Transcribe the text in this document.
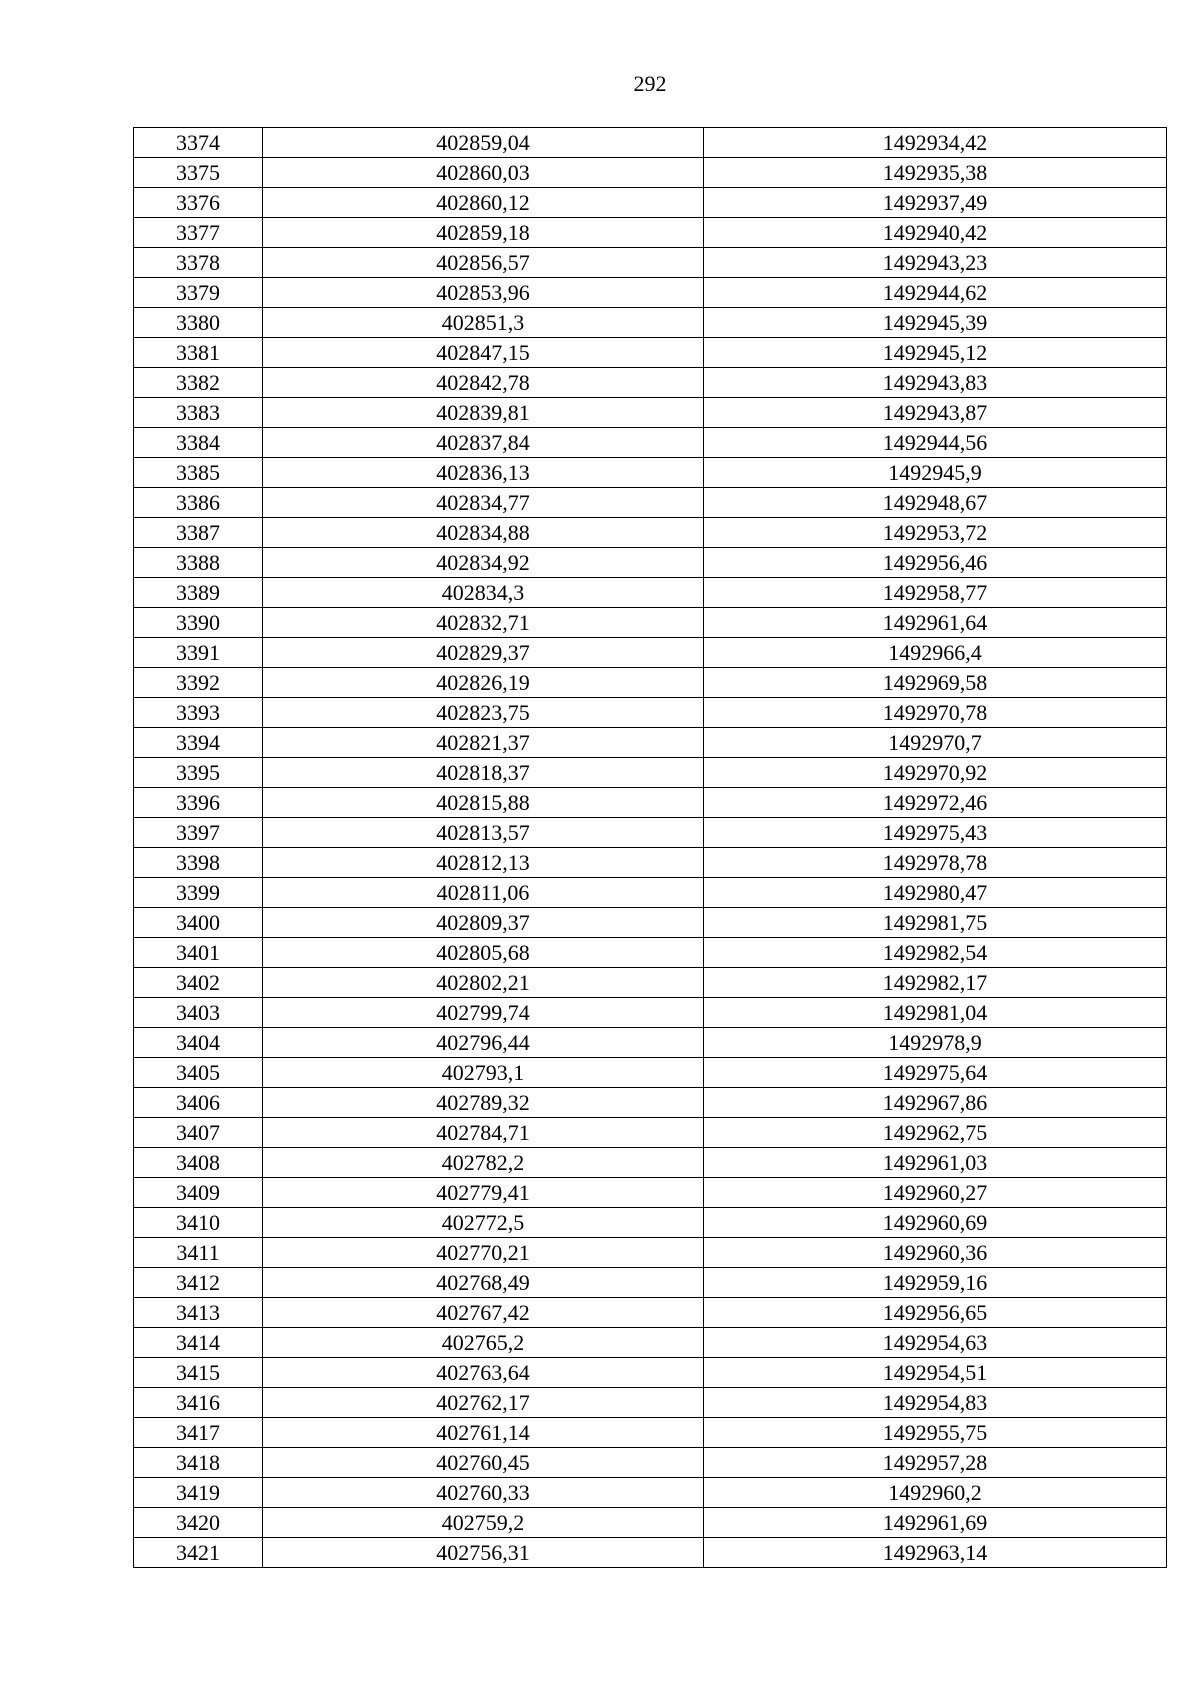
292
3374	402859,04	1492934,42
3375	402860,03	1492935,38
3376	402860,12	1492937,49
3377	402859,18	1492940,42
3378	402856,57	1492943,23
3379	402853,96	1492944,62
3380	402851,3	1492945,39
3381	402847,15	1492945,12
3382	402842,78	1492943,83
3383	402839,81	1492943,87
3384	402837,84	1492944,56
3385	402836,13	1492945,9
3386	402834,77	1492948,67
3387	402834,88	1492953,72
3388	402834,92	1492956,46
3389	402834,3	1492958,77
3390	402832,71	1492961,64
3391	402829,37	1492966,4
3392	402826,19	1492969,58
3393	402823,75	1492970,78
3394	402821,37	1492970,7
3395	402818,37	1492970,92
3396	402815,88	1492972,46
3397	402813,57	1492975,43
3398	402812,13	1492978,78
3399	402811,06	1492980,47
3400	402809,37	1492981,75
3401	402805,68	1492982,54
3402	402802,21	1492982,17
3403	402799,74	1492981,04
3404	402796,44	1492978,9
3405	402793,1	1492975,64
3406	402789,32	1492967,86
3407	402784,71	1492962,75
3408	402782,2	1492961,03
3409	402779,41	1492960,27
3410	402772,5	1492960,69
3411	402770,21	1492960,36
3412	402768,49	1492959,16
3413	402767,42	1492956,65
3414	402765,2	1492954,63
3415	402763,64	1492954,51
3416	402762,17	1492954,83
3417	402761,14	1492955,75
3418	402760,45	1492957,28
3419	402760,33	1492960,2
3420	402759,2	1492961,69
3421	402756,31	1492963,14
